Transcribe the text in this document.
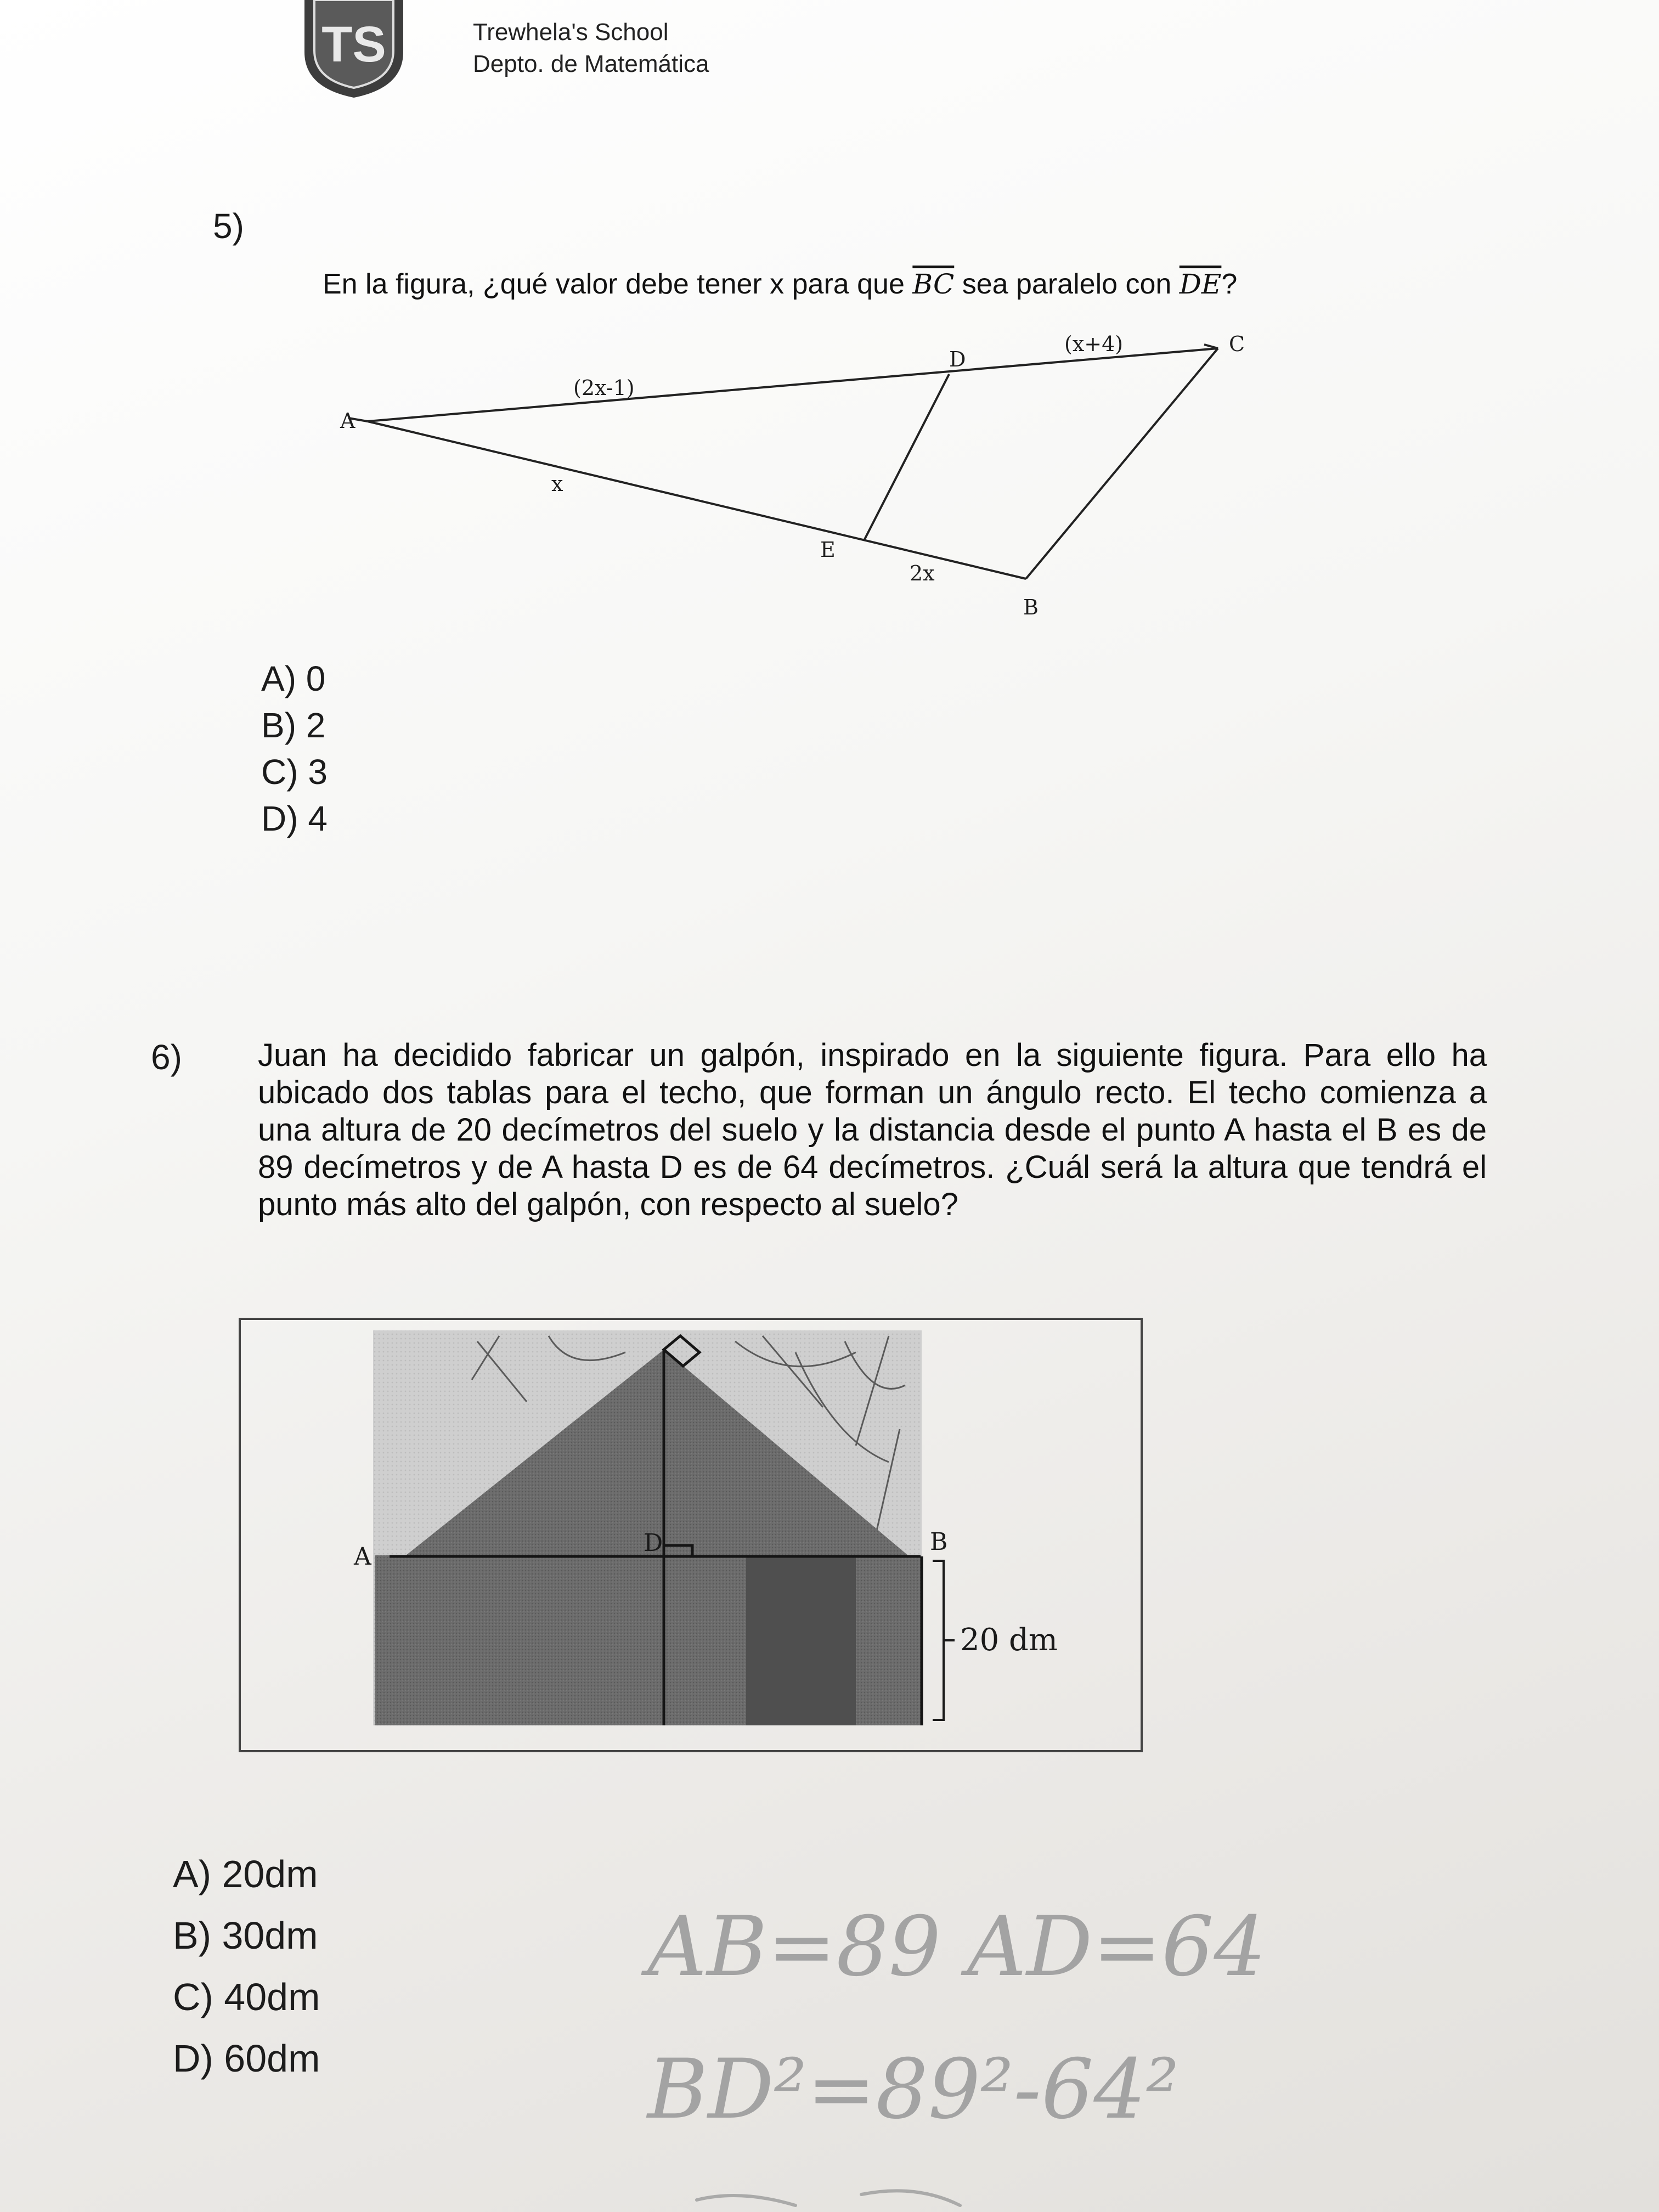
TS	Trewhela's School
Depto. de Matemática
5)
En la figura, ¿qué valor debe tener x para que $\overline{BC}$ sea paralelo con $\overline{DE}$?
A
B
C
D
E
(2x-1)
(x+4)
x
2x
A) 0
B) 2
C) 3
D) 4
6) Juan ha decidido fabricar un galpón, inspirado en la siguiente figura. Para ello ha ubicado dos tablas para el techo, que forman un ángulo recto. El techo comienza a una altura de 20 decímetros del suelo y la distancia desde el punto A hasta el B es de 89 decímetros y de A hasta D es de 64 decímetros. ¿Cuál será la altura que tendrá el punto más alto del galpón, con respecto al suelo?
A	D	B
20 dm
A) 20dm
B) 30dm
C) 40dm
D) 60dm
AB=89 AD=64
BD²=89²-64²
